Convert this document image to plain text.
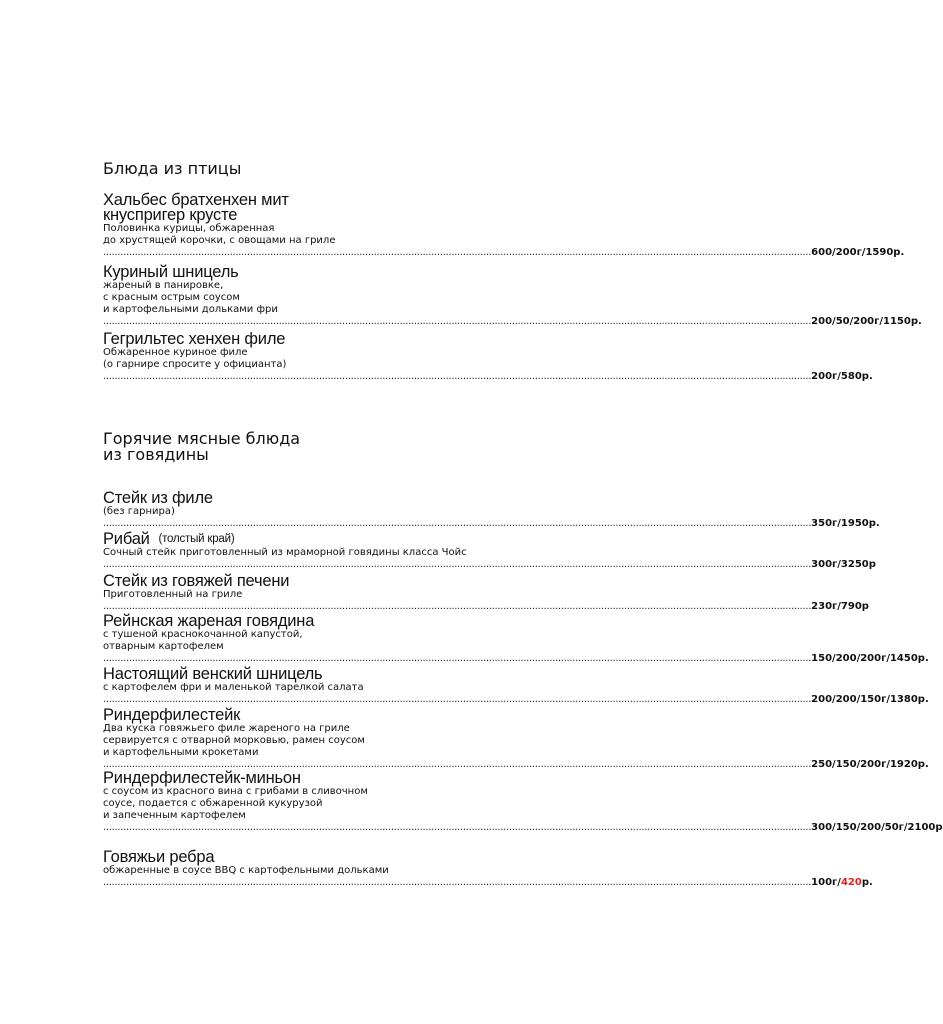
Блюда из птицы
Хальбес братхенхен мит
кнуспригер крусте
Половинка курицы, обжаренная
до хрустящей корочки, с овощами на гриле
...................................................................................................................................................................................................................................................... 600/200г/1590р.
Куриный шницель
жареный в панировке,
с красным острым соусом
и картофельными дольками фри
...................................................................................................................................................................................................................................................... 200/50/200г/1150р.
Гегрильтес хенхен филе
Обжаренное куриное филе
(о гарнире спросите у официанта)
...................................................................................................................................................................................................................................................... 200г/580р.
Горячие мясные блюда
из говядины
Стейк из филе
(без гарнира)
...................................................................................................................................................................................................................................................... 350г/1950р.
Рибай (толстый край)
Сочный стейк приготовленный из мраморной говядины класса Чойс
...................................................................................................................................................................................................................................................... 300г/3250р
Стейк из говяжей печени
Приготовленный на гриле
...................................................................................................................................................................................................................................................... 230г/790р
Рейнская жареная говядина
с тушеной краснокочанной капустой,
отварным картофелем
...................................................................................................................................................................................................................................................... 150/200/200г/1450р.
Настоящий венский шницель
с картофелем фри и маленькой тарелкой салата
...................................................................................................................................................................................................................................................... 200/200/150г/1380р.
Риндерфилестейк
Два куска говяжьего филе жареного на гриле
сервируется с отварной морковью, рамен соусом
и картофельными крокетами
...................................................................................................................................................................................................................................................... 250/150/200г/1920р.
Риндерфилестейк-миньон
с соусом из красного вина с грибами в сливочном
соусе, подается с обжаренной кукурузой
и запеченным картофелем
...................................................................................................................................................................................................................................................... 300/150/200/50г/2100р
Говяжьи ребра
обжаренные в соусе BBQ с картофельными дольками
...................................................................................................................................................................................................................................................... 100г/420р.
